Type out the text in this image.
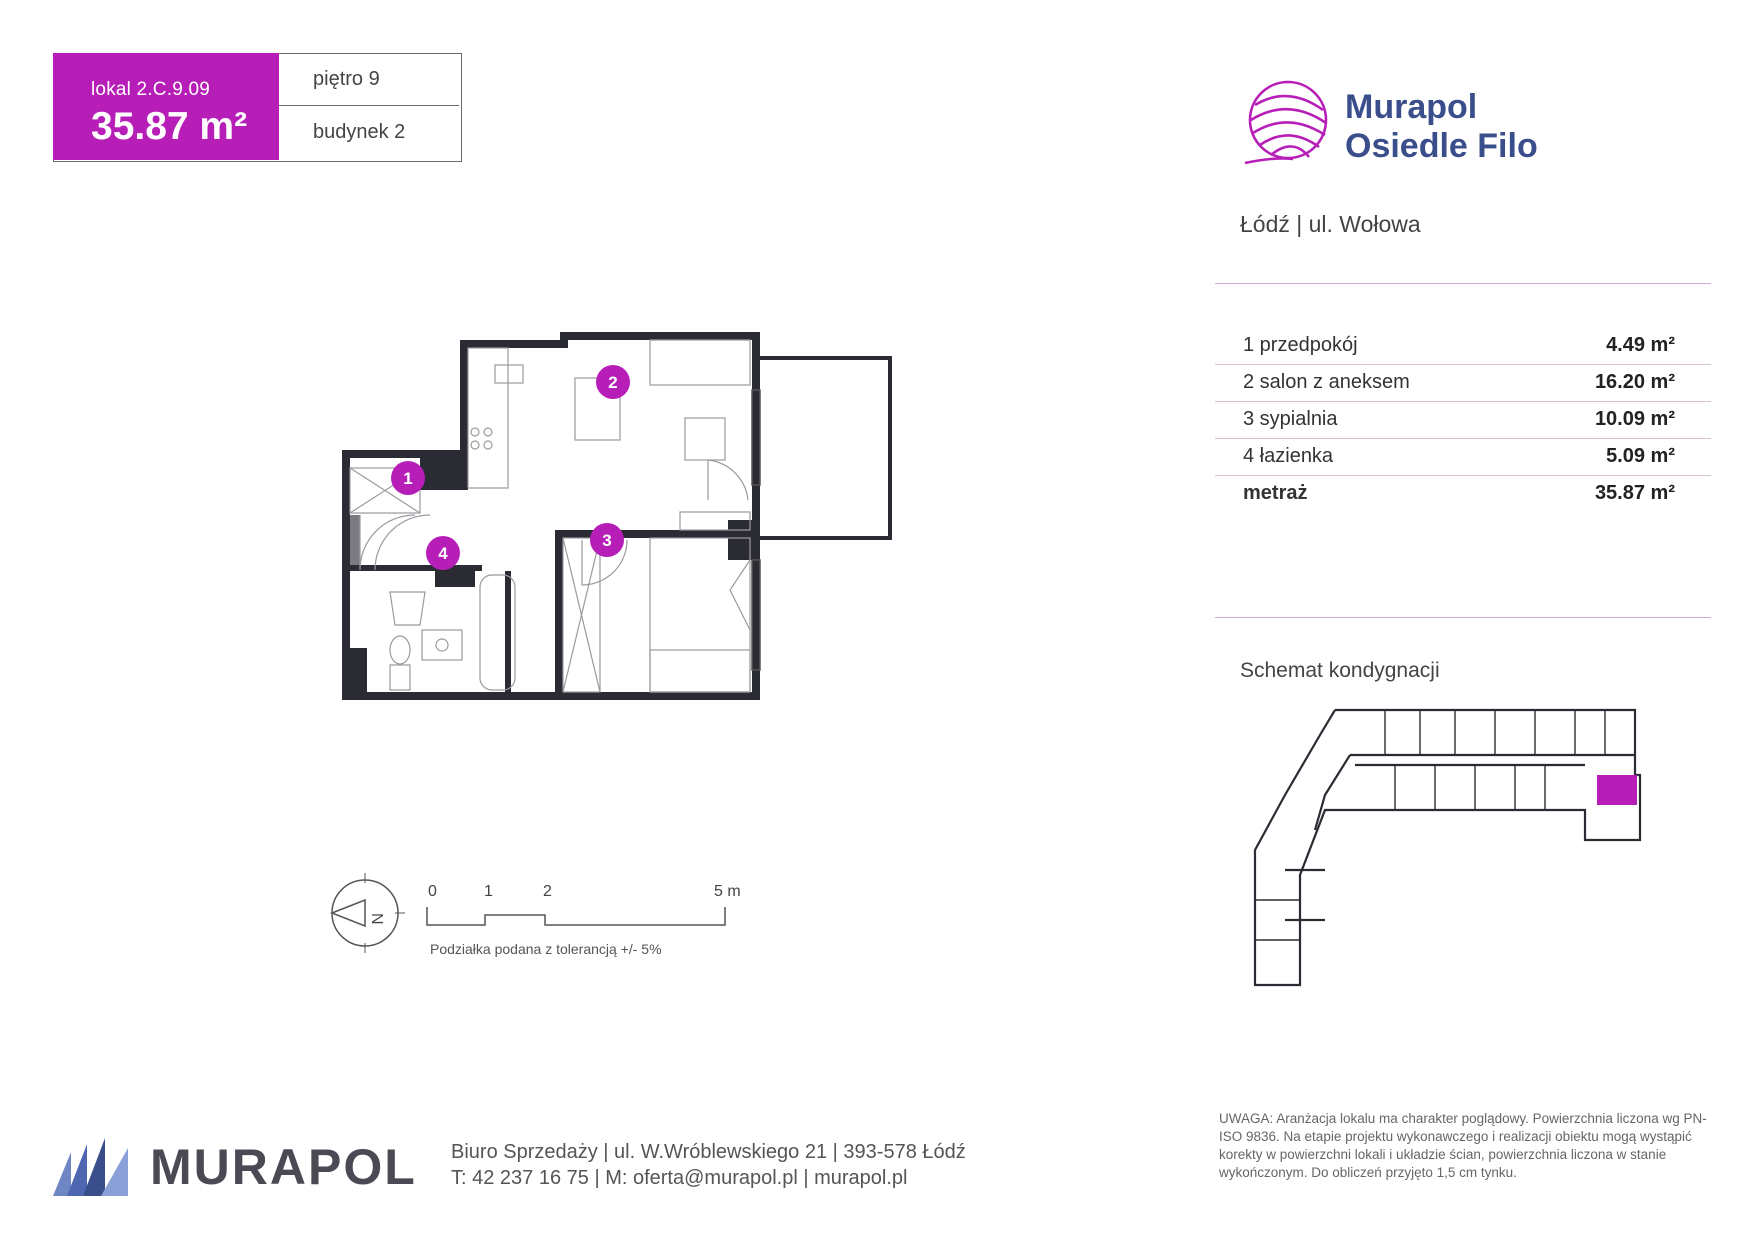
lokal 2.C.9.09
35.87 m²
piętro 9
budynek 2
Murapol
Osiedle Filo
Łódź | ul. Wołowa
1 przedpokój	4.49 m²
2 salon z aneksem	16.20 m²
3 sypialnia	10.09 m²
4 łazienka	5.09 m²
metraż	35.87 m²
Schemat kondygnacji
1
2
3
4
N
0	1	2	5 m
Podziałka podana z tolerancją +/- 5%
MURAPOL Biuro Sprzedaży | ul. W.Wróblewskiego 21 | 393-578 Łódź
T: 42 237 16 75 | M: oferta@murapol.pl | murapol.pl
UWAGA: Aranżacja lokalu ma charakter poglądowy. Powierzchnia liczona wg PN-ISO 9836. Na etapie projektu wykonawczego i realizacji obiektu mogą wystąpić korekty w powierzchni lokali i układzie ścian, powierzchnia liczona w stanie wykończonym. Do obliczeń przyjęto 1,5 cm tynku.
